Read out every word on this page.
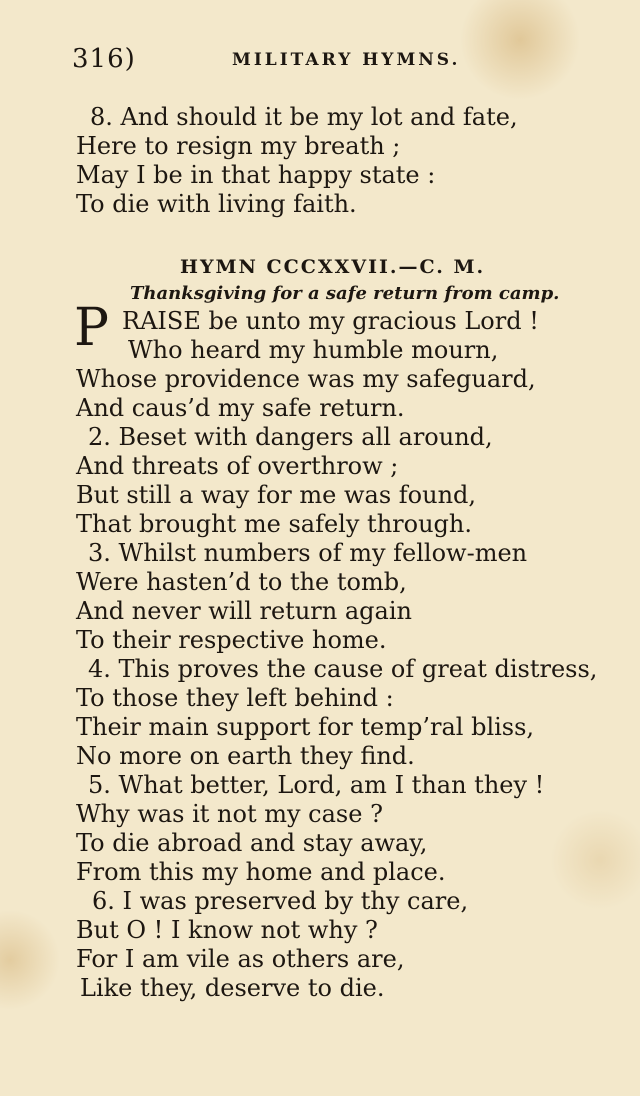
316)	MILITARY HYMNS.
8. And should it be my lot and fate,
Here to resign my breath ;
May I be in that happy state :
To die with living faith.
HYMN CCCXXVII.—C. M.
Thanksgiving for a safe return from camp.
P RAISE be unto my gracious Lord !
Who heard my humble mourn,
Whose providence was my safeguard,
And caus’d my safe return.
2. Beset with dangers all around,
And threats of overthrow ;
But still a way for me was found,
That brought me safely through.
3. Whilst numbers of my fellow-men
Were hasten’d to the tomb,
And never will return again
To their respective home.
4. This proves the cause of great distress,
To those they left behind :
Their main support for temp’ral bliss,
No more on earth they find.
5. What better, Lord, am I than they !
Why was it not my case ?
To die abroad and stay away,
From this my home and place.
6. I was preserved by thy care,
But O ! I know not why ?
For I am vile as others are,
Like they, deserve to die.
